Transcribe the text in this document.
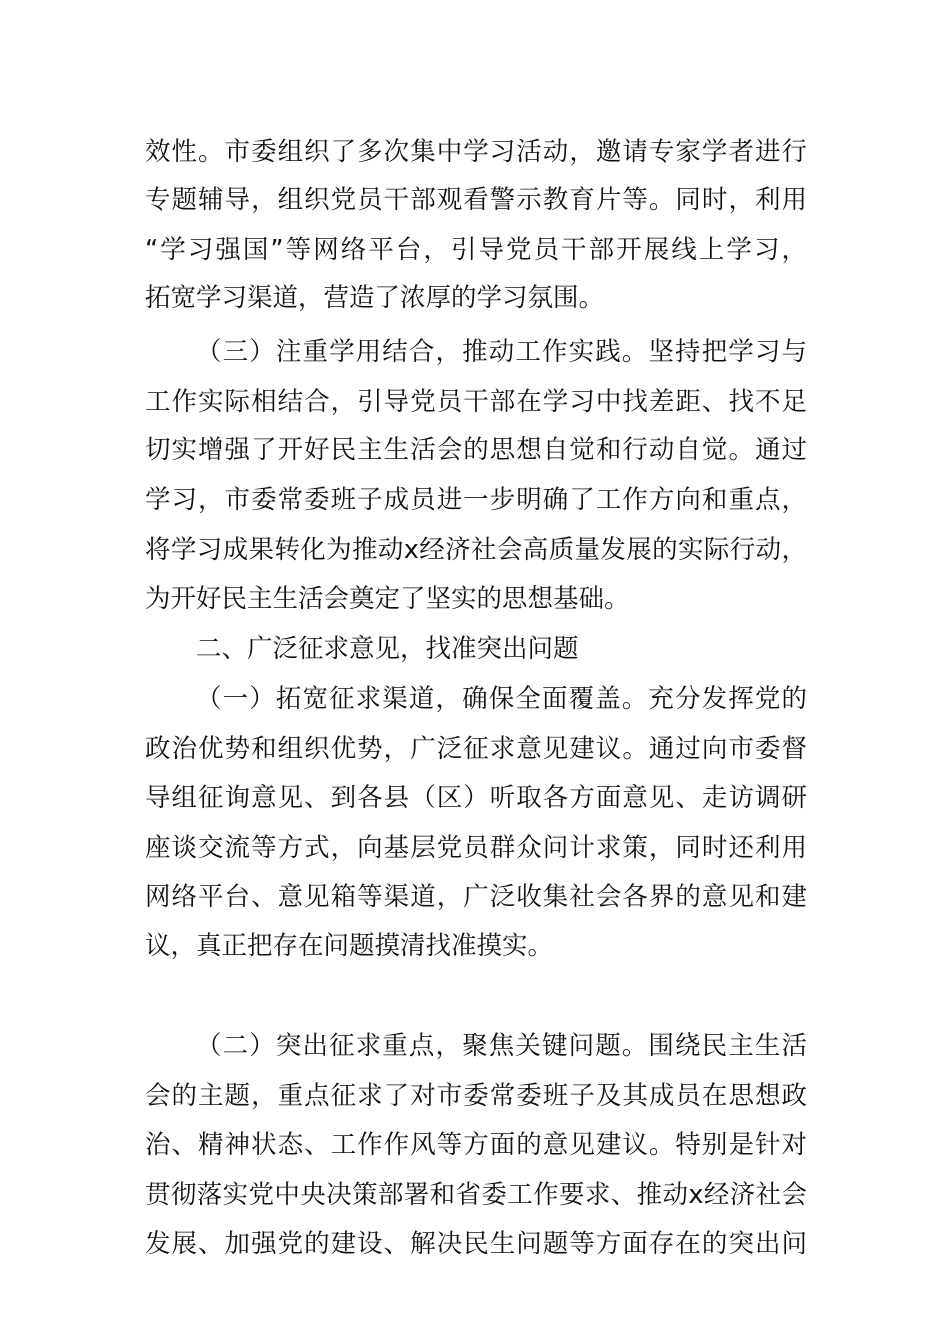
效性。市委组织了多次集中学习活动，邀请专家学者进行
专题辅导，组织党员干部观看警示教育片等。同时，利用
“学习强国”等网络平台，引导党员干部开展线上学习，
拓宽学习渠道，营造了浓厚的学习氛围。
（三）注重学用结合，推动工作实践。坚持把学习与
工作实际相结合，引导党员干部在学习中找差距、找不足
切实增强了开好民主生活会的思想自觉和行动自觉。通过
学习，市委常委班子成员进一步明确了工作方向和重点，
将学习成果转化为推动x经济社会高质量发展的实际行动，
为开好民主生活会奠定了坚实的思想基础。
二、广泛征求意见，找准突出问题
（一）拓宽征求渠道，确保全面覆盖。充分发挥党的
政治优势和组织优势，广泛征求意见建议。通过向市委督
导组征询意见、到各县（区）听取各方面意见、走访调研
座谈交流等方式，向基层党员群众问计求策，同时还利用
网络平台、意见箱等渠道，广泛收集社会各界的意见和建
议，真正把存在问题摸清找准摸实。
（二）突出征求重点，聚焦关键问题。围绕民主生活
会的主题，重点征求了对市委常委班子及其成员在思想政
治、精神状态、工作作风等方面的意见建议。特别是针对
贯彻落实党中央决策部署和省委工作要求、推动x经济社会
发展、加强党的建设、解决民生问题等方面存在的突出问
